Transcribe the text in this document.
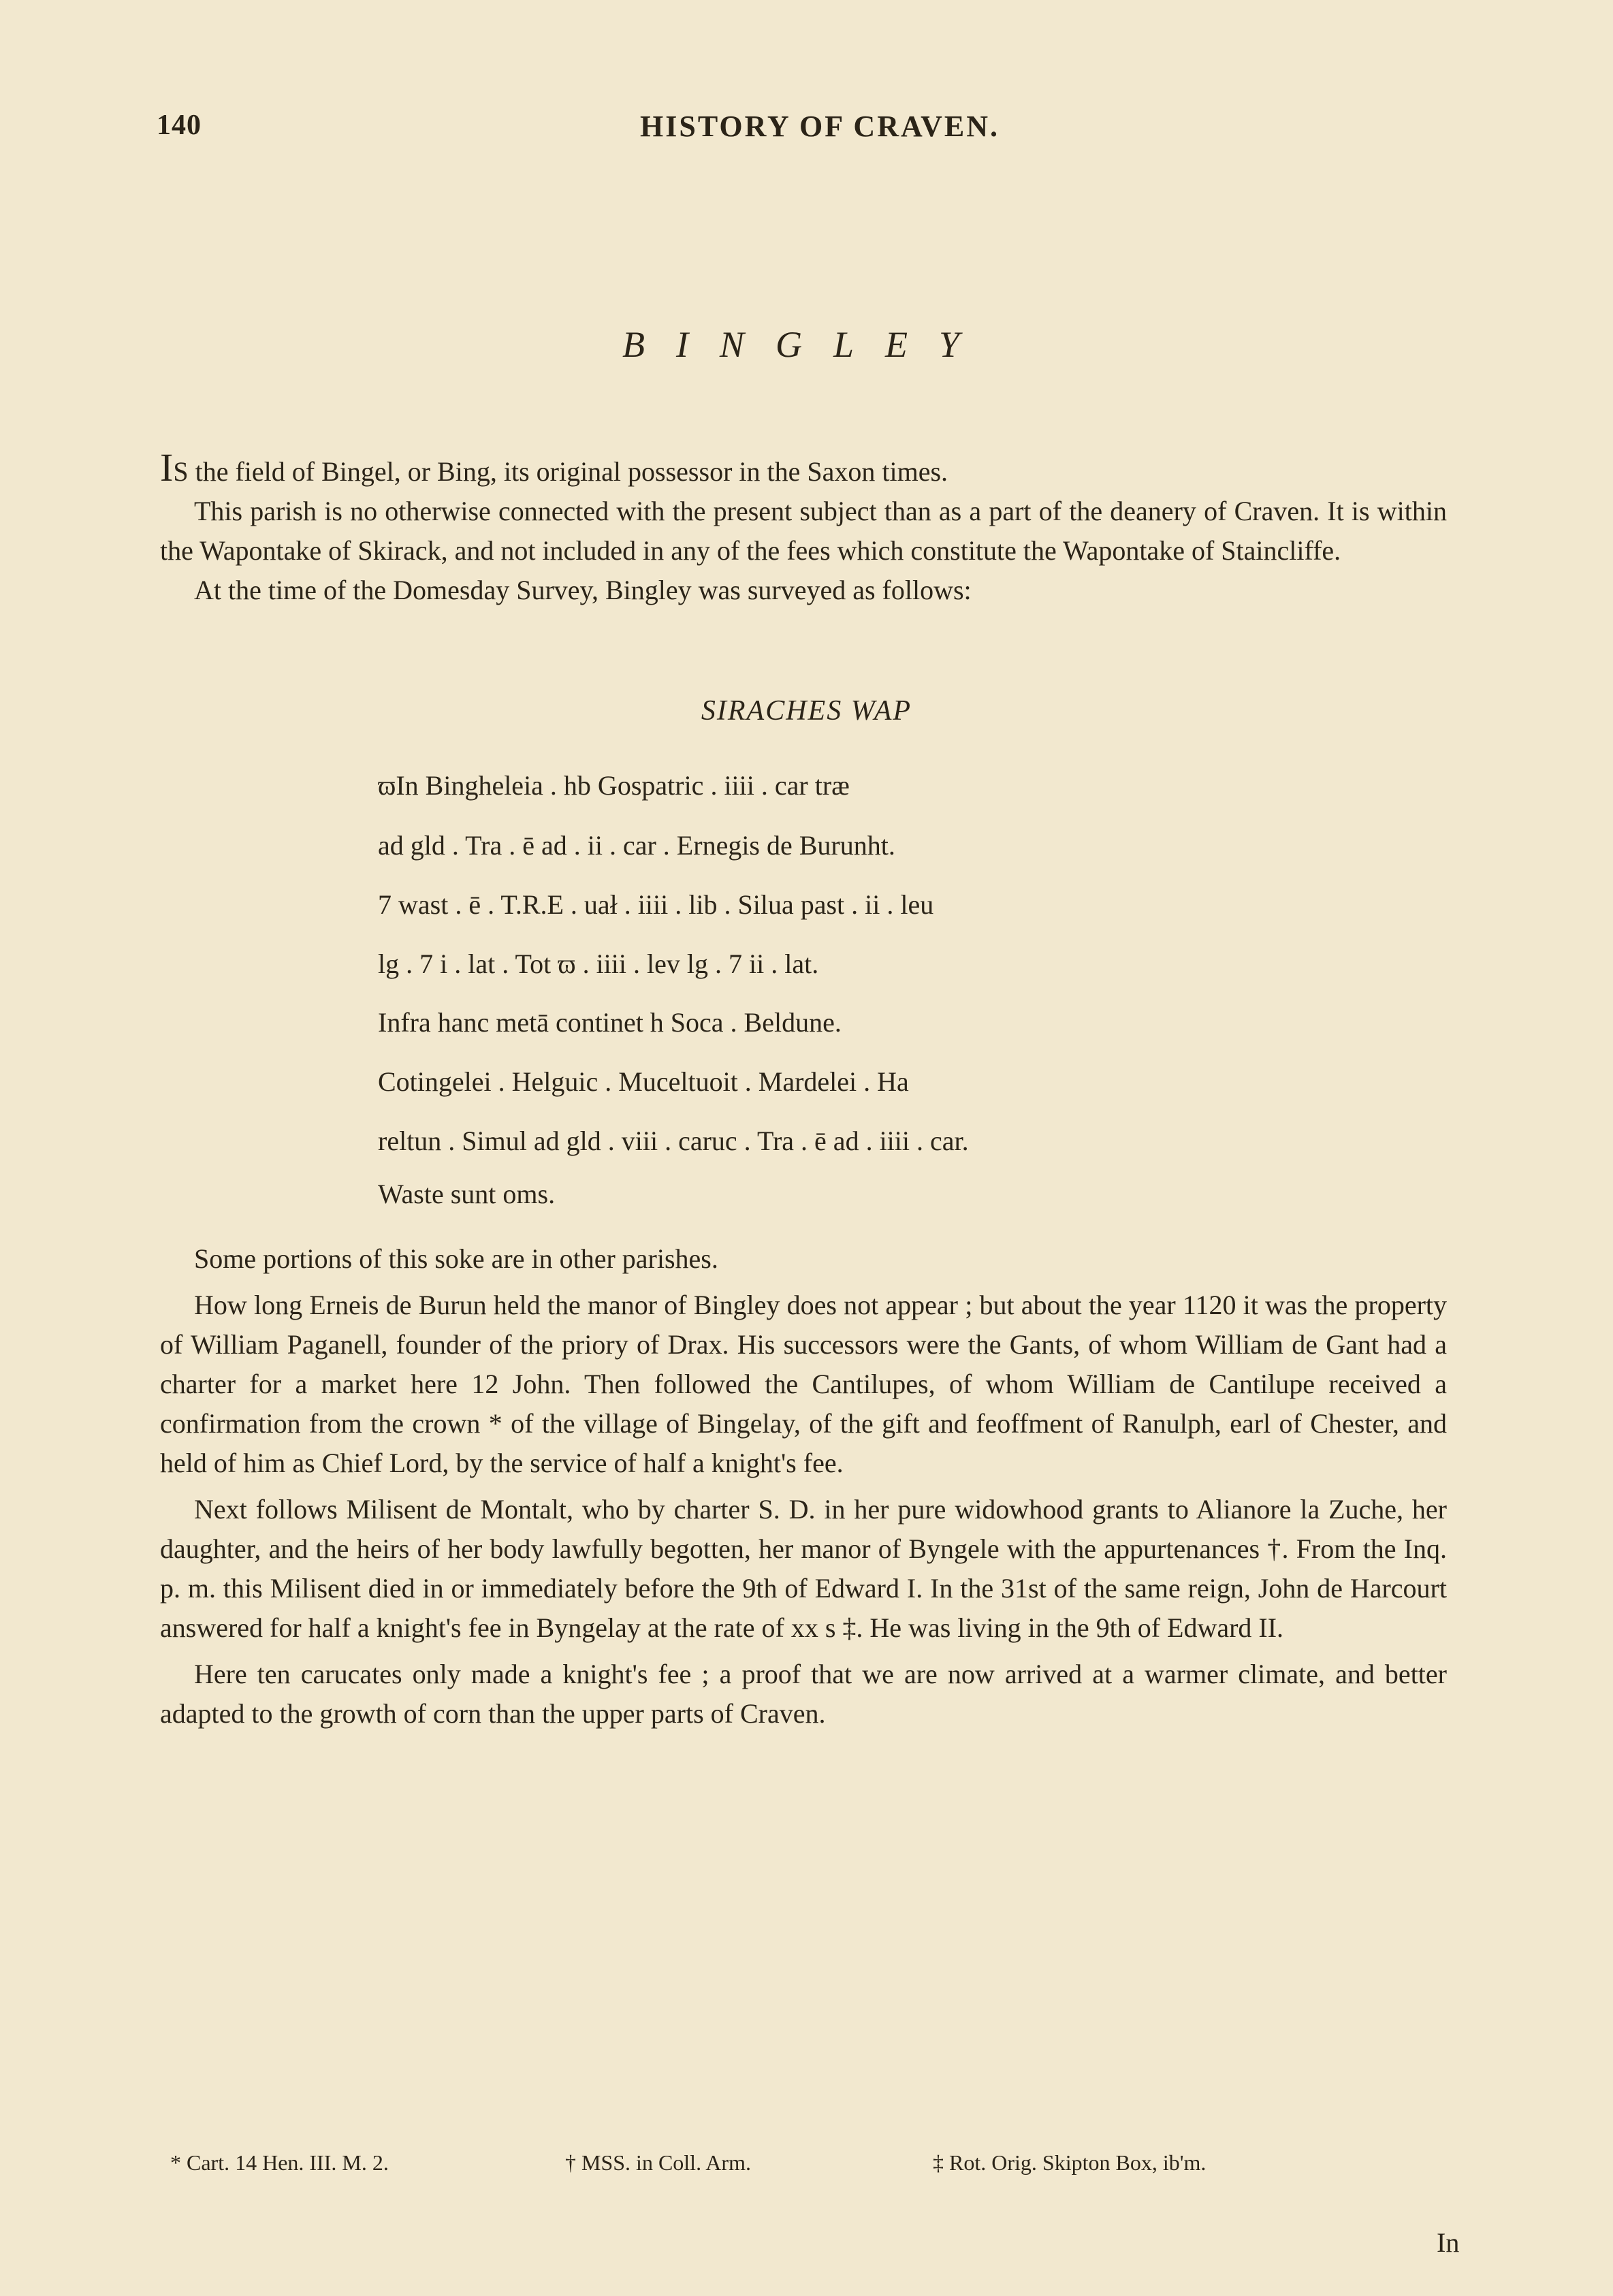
140	HISTORY OF CRAVEN.
BINGLEY

IS the field of Bingel, or Bing, its original possessor in the Saxon times.

This parish is no otherwise connected with the present subject than as a part of the deanery of Craven. It is within the Wapontake of Skirack, and not included in any of the fees which constitute the Wapontake of Staincliffe.

At the time of the Domesday Survey, Bingley was surveyed as follows:

SIRACHES WAP
ϖIn Bingheleia . hb Gospatric . iiii . car træ
ad gld . Tra . ē ad . ii . car . Ernegis de Burunht.
7 wast . ē . T.R.E . uał . iiii . lib . Silua past . ii . leu
lg . 7 i . lat . Tot ϖ . iiii . lev lg . 7 ii . lat.
Infra hanc metā continet h Soca . Beldune.
Cotingelei . Helguic . Muceltuoit . Mardelei . Ha
reltun . Simul ad gld . viii . caruc . Tra . ē ad . iiii . car.
Waste sunt oms.

Some portions of this soke are in other parishes.

How long Erneis de Burun held the manor of Bingley does not appear ; but about the year 1120 it was the property of William Paganell, founder of the priory of Drax. His successors were the Gants, of whom William de Gant had a charter for a market here 12 John. Then followed the Cantilupes, of whom William de Cantilupe received a confirmation from the crown * of the village of Bingelay, of the gift and feoffment of Ranulph, earl of Chester, and held of him as Chief Lord, by the service of half a knight's fee.

Next follows Milisent de Montalt, who by charter S. D. in her pure widowhood grants to Alianore la Zuche, her daughter, and the heirs of her body lawfully begotten, her manor of Byngele with the appurtenances †. From the Inq. p. m. this Milisent died in or immediately before the 9th of Edward I. In the 31st of the same reign, John de Harcourt answered for half a knight's fee in Byngelay at the rate of xx s ‡. He was living in the 9th of Edward II.

Here ten carucates only made a knight's fee ; a proof that we are now arrived at a warmer climate, and better adapted to the growth of corn than the upper parts of Craven.

* Cart. 14 Hen. III. M. 2.	† MSS. in Coll. Arm.	‡ Rot. Orig. Skipton Box, ib'm.
In
